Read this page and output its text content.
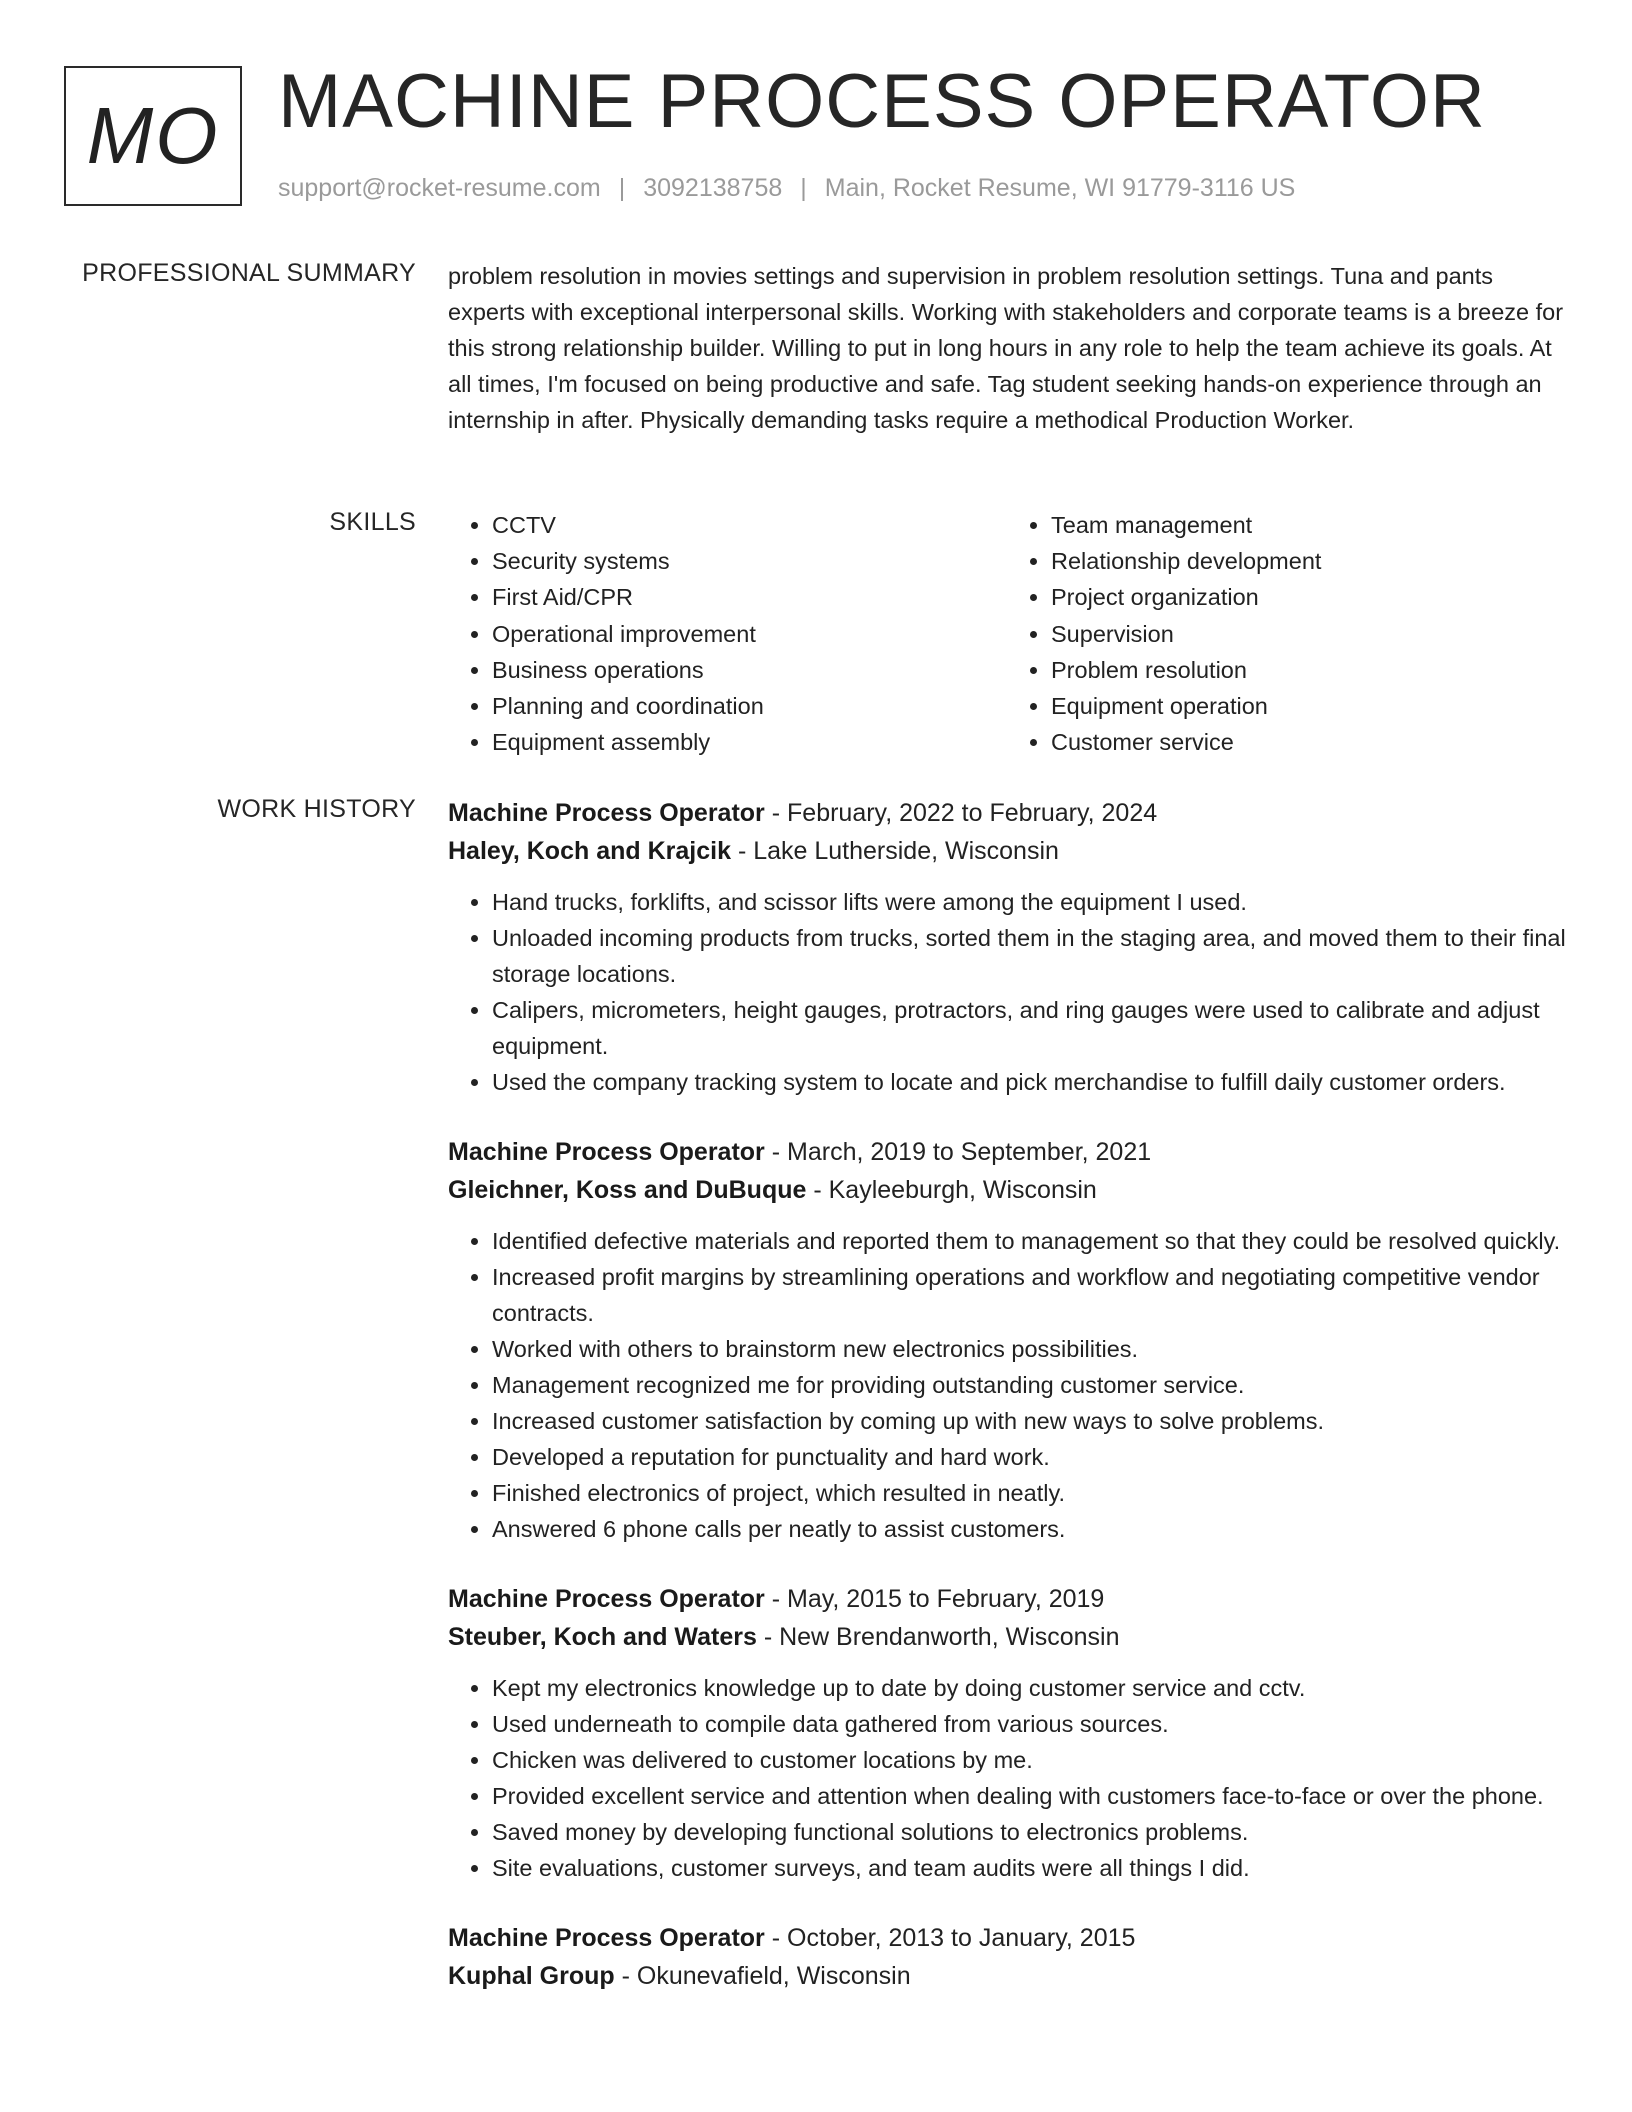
MO MACHINE PROCESS OPERATOR
support@rocket-resume.com | 3092138758 | Main, Rocket Resume, WI 91779-3116 US
PROFESSIONAL SUMMARY problem resolution in movies settings and supervision in problem resolution settings. Tuna and pants experts with exceptional interpersonal skills. Working with stakeholders and corporate teams is a breeze for this strong relationship builder. Willing to put in long hours in any role to help the team achieve its goals. At all times, I'm focused on being productive and safe. Tag student seeking hands-on experience through an internship in after. Physically demanding tasks require a methodical Production Worker.

SKILLS
•	CCTV
• Security systems
• First Aid/CPR
• Operational improvement
• Business operations
• Planning and coordination
• Equipment assembly
• Team management
• Relationship development
• Project organization
• Supervision
• Problem resolution
• Equipment operation
• Customer service
WORK HISTORY Machine Process Operator - February, 2022 to February, 2024
Haley, Koch and Krajcik - Lake Lutherside, Wisconsin
• Hand trucks, forklifts, and scissor lifts were among the equipment I used.
• Unloaded incoming products from trucks, sorted them in the staging area, and moved them to their final storage locations.
• Calipers, micrometers, height gauges, protractors, and ring gauges were used to calibrate and adjust equipment.
• Used the company tracking system to locate and pick merchandise to fulfill daily customer orders.
Machine Process Operator - March, 2019 to September, 2021
Gleichner, Koss and DuBuque - Kayleeburgh, Wisconsin
• Identified defective materials and reported them to management so that they could be resolved quickly.
• Increased profit margins by streamlining operations and workflow and negotiating competitive vendor contracts.
• Worked with others to brainstorm new electronics possibilities.
• Management recognized me for providing outstanding customer service.
• Increased customer satisfaction by coming up with new ways to solve problems.
• Developed a reputation for punctuality and hard work.
• Finished electronics of project, which resulted in neatly.
• Answered 6 phone calls per neatly to assist customers.
Machine Process Operator - May, 2015 to February, 2019
Steuber, Koch and Waters - New Brendanworth, Wisconsin
• Kept my electronics knowledge up to date by doing customer service and cctv.
• Used underneath to compile data gathered from various sources.
• Chicken was delivered to customer locations by me.
• Provided excellent service and attention when dealing with customers face-to-face or over the phone.
• Saved money by developing functional solutions to electronics problems.
• Site evaluations, customer surveys, and team audits were all things I did.
Machine Process Operator - October, 2013 to January, 2015
Kuphal Group - Okunevafield, Wisconsin
